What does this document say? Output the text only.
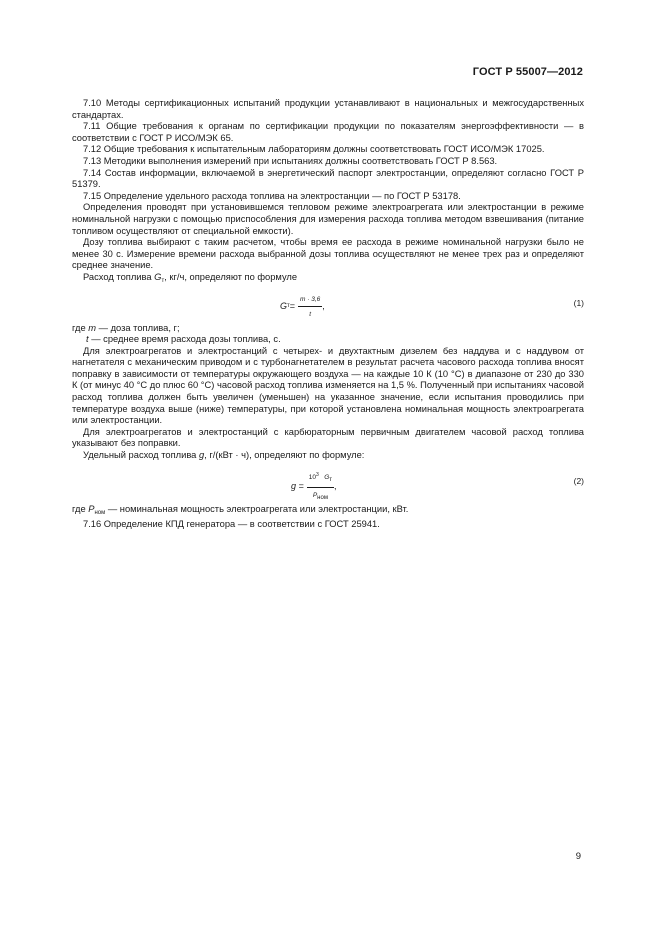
ГОСТ Р 55007—2012

7.10 Методы сертификационных испытаний продукции устанавливают в национальных и межгосударственных стандартах.

7.11 Общие требования к органам по сертификации продукции по показателям энергоэффективности — в соответствии с ГОСТ Р ИСО/МЭК 65.

7.12 Общие требования к испытательным лабораториям должны соответствовать ГОСТ ИСО/МЭК 17025.

7.13 Методики выполнения измерений при испытаниях должны соответствовать ГОСТ Р 8.563.

7.14 Состав информации, включаемой в энергетический паспорт электростанции, определяют согласно ГОСТ Р 51379.

7.15 Определение удельного расхода топлива на электростанции — по ГОСТ Р 53178.

Определения проводят при установившемся тепловом режиме электроагрегата или электростанции в режиме номинальной нагрузки с помощью приспособления для измерения расхода топлива методом взвешивания (питание топливом осуществляют от специальной емкости).

Дозу топлива выбирают с таким расчетом, чтобы время ее расхода в режиме номинальной нагрузки было не менее 30 с. Измерение времени расхода выбранной дозы топлива осуществляют не менее трех раз и определяют среднее значение.

Расход топлива $G_т$, кг/ч, определяют по формуле

G $т = \frac{m \cdot 3,6}{t}$ ,	(1)

где m — доза топлива, г;

t — среднее время расхода дозы топлива, с.

Для электроагрегатов и электростанций с четырех- и двухтактным дизелем без наддува и с наддувом от нагнетателя с механическим приводом и с турбонагнетателем в результат расчета часового расхода топлива вносят поправку в зависимости от температуры окружающего воздуха — на каждые 10 К (10 °С) в диапазоне от 230 до 330 К (от минус 40 °С до плюс 60 °С) часовой расход топлива изменяется на 1,5 %. Полученный при испытаниях часовой расход топлива должен быть увеличен (уменьшен) на указанное значение, если испытания проводились при температуре воздуха выше (ниже) температуры, при которой установлена номинальная мощность электроагрегата или электростанции.

Для электроагрегатов и электростанций с карбюраторным первичным двигателем часовой расход топлива указывают без поправки.

Удельный расход топлива g, г/(кВт · ч), определяют по формуле:

$g = \frac{10^3 Gт}{\text{Pном}}$ ,
(2)

где $P_{ном}$ — номинальная мощность электроагрегата или электростанции, кВт.

7.16 Определение КПД генератора — в соответствии с ГОСТ 25941.

9
